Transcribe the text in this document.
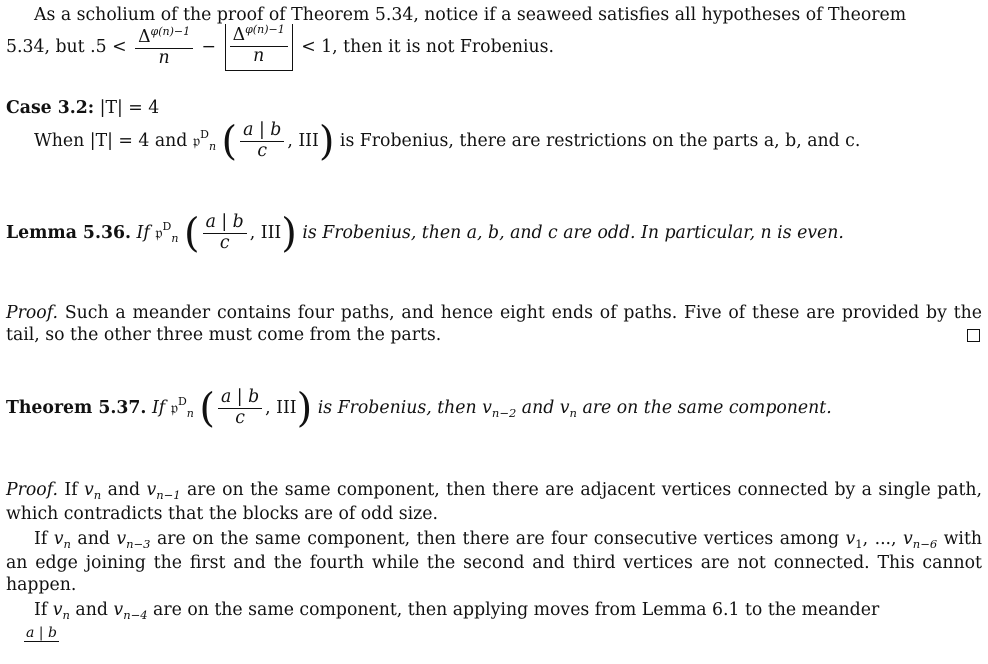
As a scholium of the proof of Theorem 5.34, notice if a seaweed satisfies all hypotheses of Theorem
5.34, but $.5 < \frac{\Delta^{\varphi(n)-1}}{n} - \frac{\Delta^{\varphi(n)-1}}{n} < 1$, then it is not Frobenius.
Case 3.2: |T| = 4
When |T| = 4 and 𝔭$^D_n$ ( $\frac{a | b}{c}$ , III) is Frobenius, there are restrictions on the parts a, b, and c.
Lemma 5.36. If 𝔭$^D_n$ ( $\frac{a | b}{c}$ , III) is Frobenius, then a, b, and c are odd. In particular, n is even.
Proof. Such a meander contains four paths, and hence eight ends of paths. Five of these are provided by the tail, so the other three must come from the parts.
Theorem 5.37. If 𝔭$^D_n$ ( $\frac{a | b}{c}$ , III) is Frobenius, then $v_{n-2}$ and $v_n$ are on the same component.

Proof. If $v_n$ and $v_{n-1}$ are on the same component, then there are adjacent vertices connected by a single path, which contradicts that the blocks are of odd size.

If $v_n$ and $v_{n-3}$ are on the same component, then there are four consecutive vertices among $v_1$, ..., $v_{n-6}$ with an edge joining the first and the fourth while the second and third vertices are not connected. This cannot happen.

If $v_n$ and $v_{n-4}$ are on the same component, then applying moves from Lemma 6.1 to the meander

a | b
